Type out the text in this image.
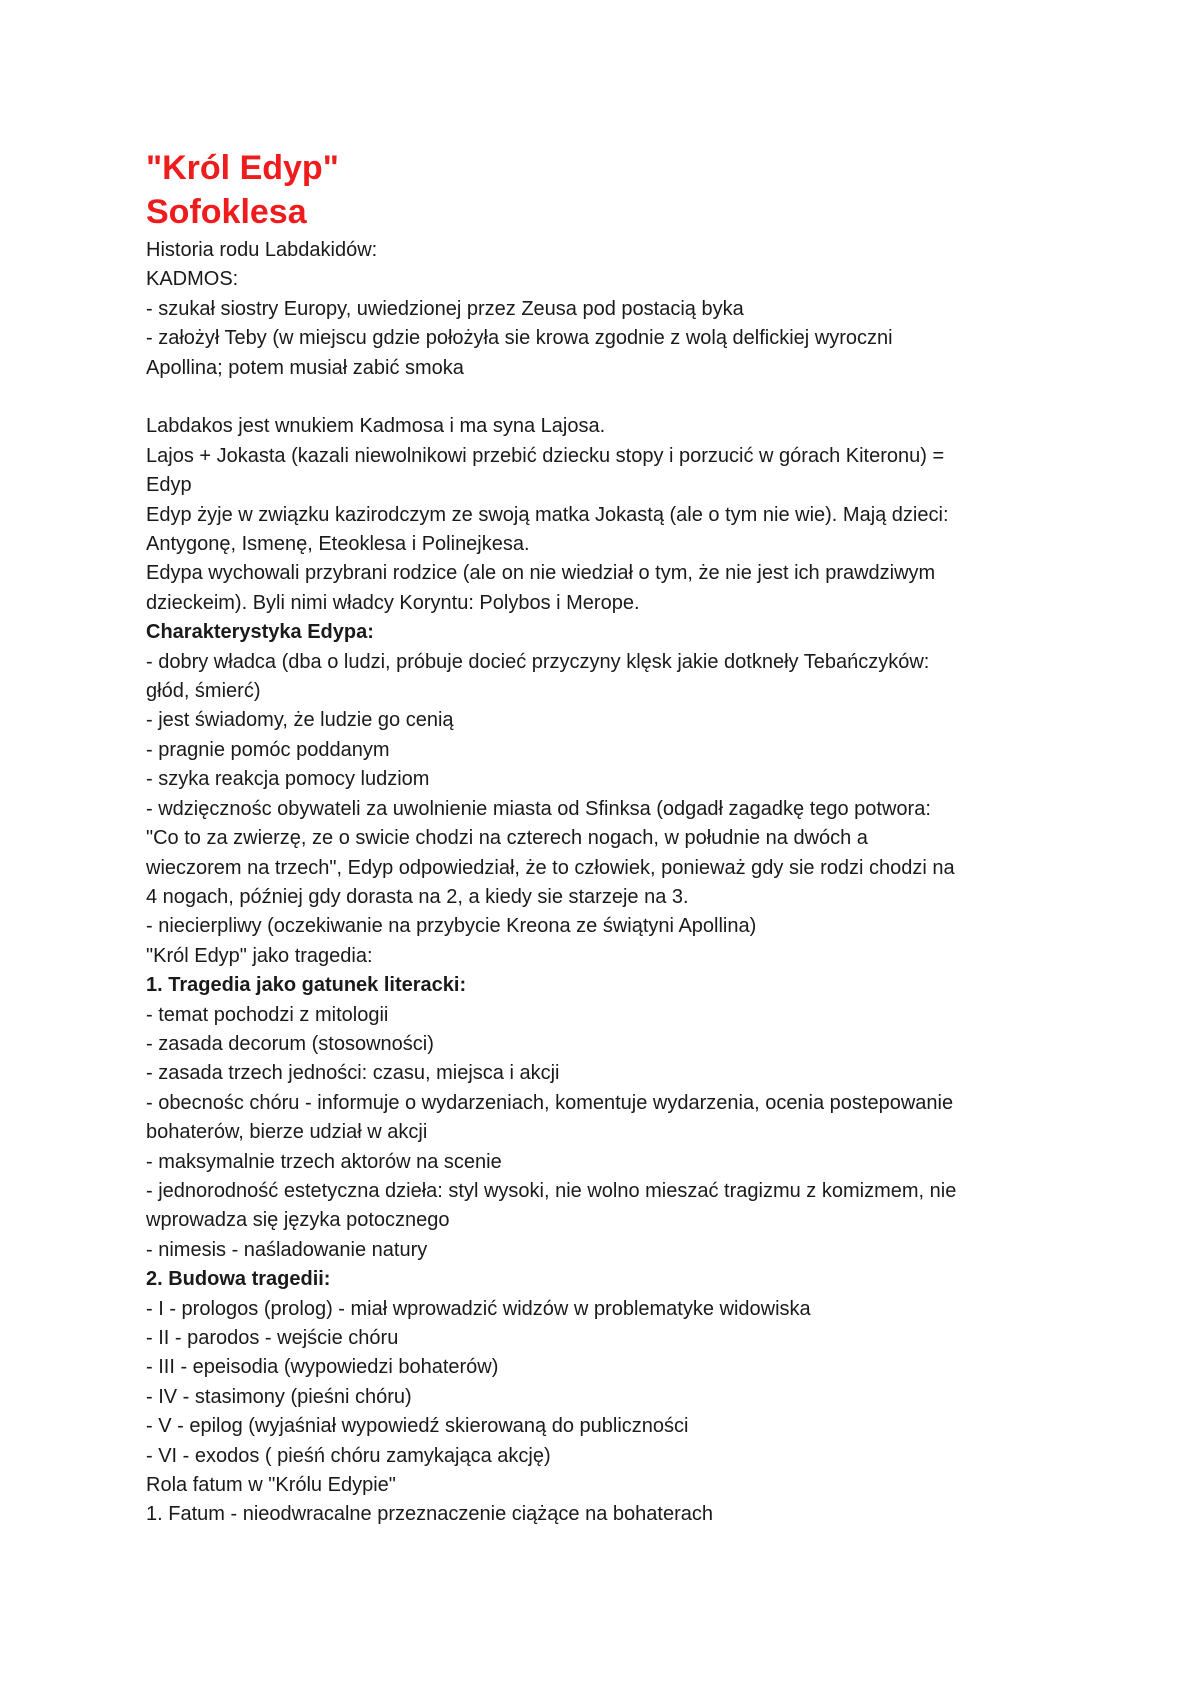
"Król Edyp"
Sofoklesa
Historia rodu Labdakidów:
KADMOS:
- szukał siostry Europy, uwiedzionej przez Zeusa pod postacią byka
- założył Teby (w miejscu gdzie położyła sie krowa zgodnie z wolą delfickiej wyroczni
Apollina; potem musiał zabić smoka
Labdakos jest wnukiem Kadmosa i ma syna Lajosa.
Lajos + Jokasta (kazali niewolnikowi przebić dziecku stopy i porzucić w górach Kiteronu) =
Edyp
Edyp żyje w związku kazirodczym ze swoją matka Jokastą (ale o tym nie wie). Mają dzieci:
Antygonę, Ismenę, Eteoklesa i Polinejkesa.
Edypa wychowali przybrani rodzice (ale on nie wiedział o tym, że nie jest ich prawdziwym
dzieckeim). Byli nimi władcy Koryntu: Polybos i Merope.
Charakterystyka Edypa:
- dobry władca (dba o ludzi, próbuje docieć przyczyny klęsk jakie dotkneły Tebańczyków:
głód, śmierć)
- jest świadomy, że ludzie go cenią
- pragnie pomóc poddanym
- szyka reakcja pomocy ludziom
- wdzięcznośc obywateli za uwolnienie miasta od Sfinksa (odgadł zagadkę tego potwora:
"Co to za zwierzę, ze o swicie chodzi na czterech nogach, w południe na dwóch a
wieczorem na trzech", Edyp odpowiedział, że to człowiek, ponieważ gdy sie rodzi chodzi na
4 nogach, później gdy dorasta na 2, a kiedy sie starzeje na 3.
- niecierpliwy (oczekiwanie na przybycie Kreona ze świątyni Apollina)
"Król Edyp" jako tragedia:
1. Tragedia jako gatunek literacki:
- temat pochodzi z mitologii
- zasada decorum (stosowności)
- zasada trzech jedności: czasu, miejsca i akcji
- obecnośc chóru - informuje o wydarzeniach, komentuje wydarzenia, ocenia postepowanie
bohaterów, bierze udział w akcji
- maksymalnie trzech aktorów na scenie
- jednorodność estetyczna dzieła: styl wysoki, nie wolno mieszać tragizmu z komizmem, nie
wprowadza się języka potocznego
- nimesis - naśladowanie natury
2. Budowa tragedii:
- I - prologos (prolog) - miał wprowadzić widzów w problematyke widowiska
- II - parodos - wejście chóru
- III - epeisodia (wypowiedzi bohaterów)
- IV - stasimony (pieśni chóru)
- V - epilog (wyjaśniał wypowiedź skierowaną do publiczności
- VI - exodos ( pieśń chóru zamykająca akcję)
Rola fatum w "Królu Edypie"
1. Fatum - nieodwracalne przeznaczenie ciążące na bohaterach
